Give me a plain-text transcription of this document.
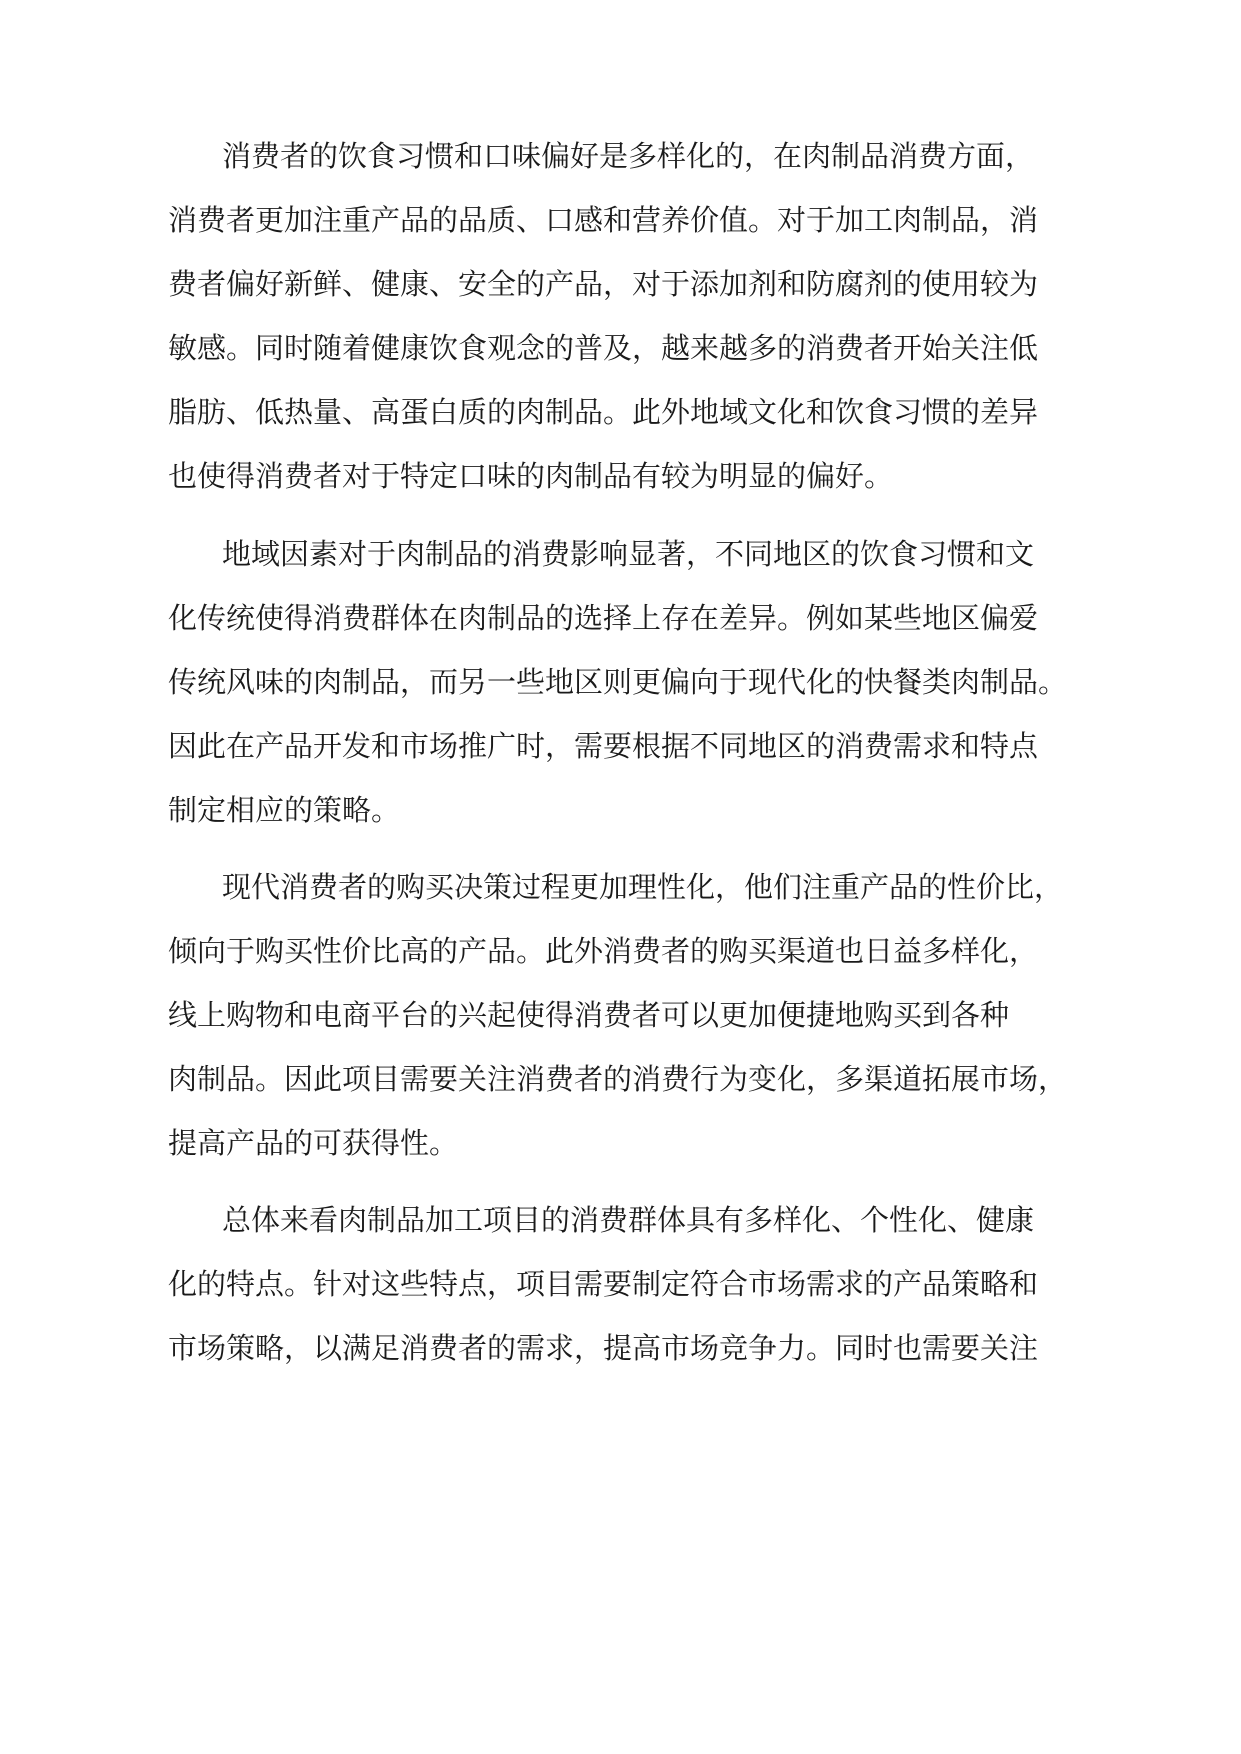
消费者的饮食习惯和口味偏好是多样化的，在肉制品消费方面，

消费者更加注重产品的品质、口感和营养价值。对于加工肉制品，消

费者偏好新鲜、健康、安全的产品，对于添加剂和防腐剂的使用较为

敏感。同时随着健康饮食观念的普及，越来越多的消费者开始关注低

脂肪、低热量、高蛋白质的肉制品。此外地域文化和饮食习惯的差异

也使得消费者对于特定口味的肉制品有较为明显的偏好。

地域因素对于肉制品的消费影响显著，不同地区的饮食习惯和文

化传统使得消费群体在肉制品的选择上存在差异。例如某些地区偏爱

传统风味的肉制品，而另一些地区则更偏向于现代化的快餐类肉制品。

因此在产品开发和市场推广时，需要根据不同地区的消费需求和特点

制定相应的策略。

现代消费者的购买决策过程更加理性化，他们注重产品的性价比，

倾向于购买性价比高的产品。此外消费者的购买渠道也日益多样化，

线上购物和电商平台的兴起使得消费者可以更加便捷地购买到各种

肉制品。因此项目需要关注消费者的消费行为变化，多渠道拓展市场，

提高产品的可获得性。

总体来看肉制品加工项目的消费群体具有多样化、个性化、健康

化的特点。针对这些特点，项目需要制定符合市场需求的产品策略和

市场策略，以满足消费者的需求，提高市场竞争力。同时也需要关注
